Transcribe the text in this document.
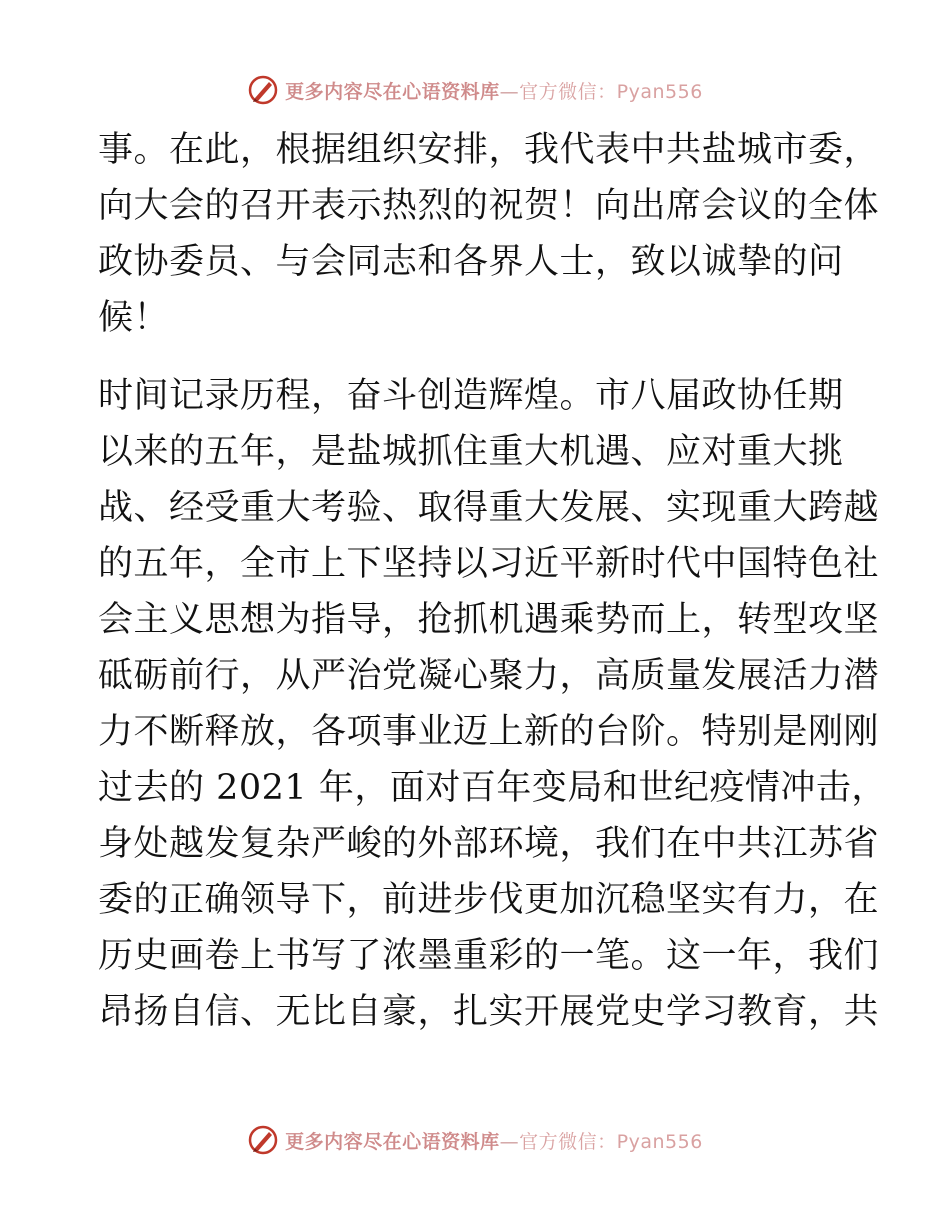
更多内容尽在心语资料库—官方微信：Pyan556
事。在此，根据组织安排，我代表中共盐城市委，
向大会的召开表示热烈的祝贺！向出席会议的全体
政协委员、与会同志和各界人士，致以诚挚的问
候！
时间记录历程，奋斗创造辉煌。市八届政协任期
以来的五年，是盐城抓住重大机遇、应对重大挑
战、经受重大考验、取得重大发展、实现重大跨越
的五年，全市上下坚持以习近平新时代中国特色社
会主义思想为指导，抢抓机遇乘势而上，转型攻坚
砥砺前行，从严治党凝心聚力，高质量发展活力潜
力不断释放，各项事业迈上新的台阶。特别是刚刚
过去的 2021 年，面对百年变局和世纪疫情冲击，
身处越发复杂严峻的外部环境，我们在中共江苏省
委的正确领导下，前进步伐更加沉稳坚实有力，在
历史画卷上书写了浓墨重彩的一笔。这一年，我们
昂扬自信、无比自豪，扎实开展党史学习教育，共
更多内容尽在心语资料库—官方微信：Pyan556
